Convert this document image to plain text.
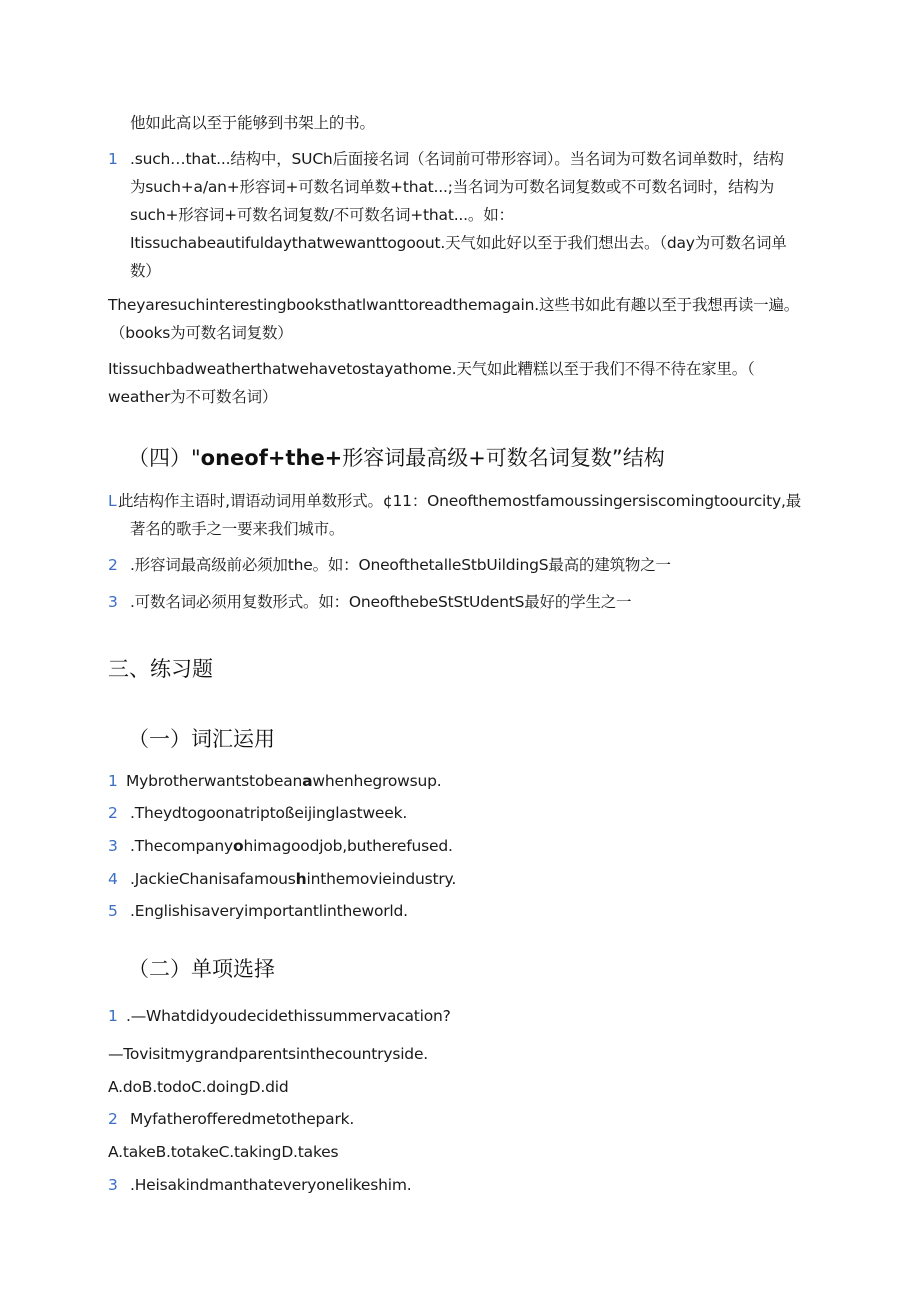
他如此高以至于能够到书架上的书。
1 .such…that...结构中，SUCh后面接名词（名词前可带形容词）。当名词为可数名词单数时，结构
为such+a/an+形容词+可数名词单数+that...;当名词为可数名词复数或不可数名词时，结构为
such+形容词+可数名词复数/不可数名词+that...。如：
Itissuchabeautifuldaythatwewanttogoout.天气如此好以至于我们想出去。（day为可数名词单
数）
Theyaresuchinterestingbooksthatlwanttoreadthemagain.这些书如此有趣以至于我想再读一遍。
（books为可数名词复数）
Itissuchbadweatherthatwehavetostayathome.天气如此糟糕以至于我们不得不待在家里。（
weather为不可数名词）
（四）"oneof+the+形容词最高级+可数名词复数”结构
L 此结构作主语时,谓语动词用单数形式。¢11：Oneofthemostfamoussingersiscomingtoourcity,最
著名的歌手之一要来我们城市。
2 .形容词最高级前必须加the。如：OneofthetalleStbUildingS最高的建筑物之一
3 .可数名词必须用复数形式。如：OneofthebeStStUdentS最好的学生之一
三、练习题
（一）词汇运用
1 Mybrotherwantstobeanawhenhegrowsup.
2 .Theydtogoonatriptoßeijinglastweek.
3 .Thecompanyohimagoodjob,butherefused.
4 .JackieChanisafamoushinthemovieindustry.
5 .Englishisaveryimportantlintheworld.
（二）单项选择
1 .—Whatdidyoudecidethissummervacation?
—Tovisitmygrandparentsinthecountryside.
A.doB.todoC.doingD.did
2 Myfatherofferedmetothepark.
A.takeB.totakeC.takingD.takes
3 .Heisakindmanthateveryonelikeshim.
